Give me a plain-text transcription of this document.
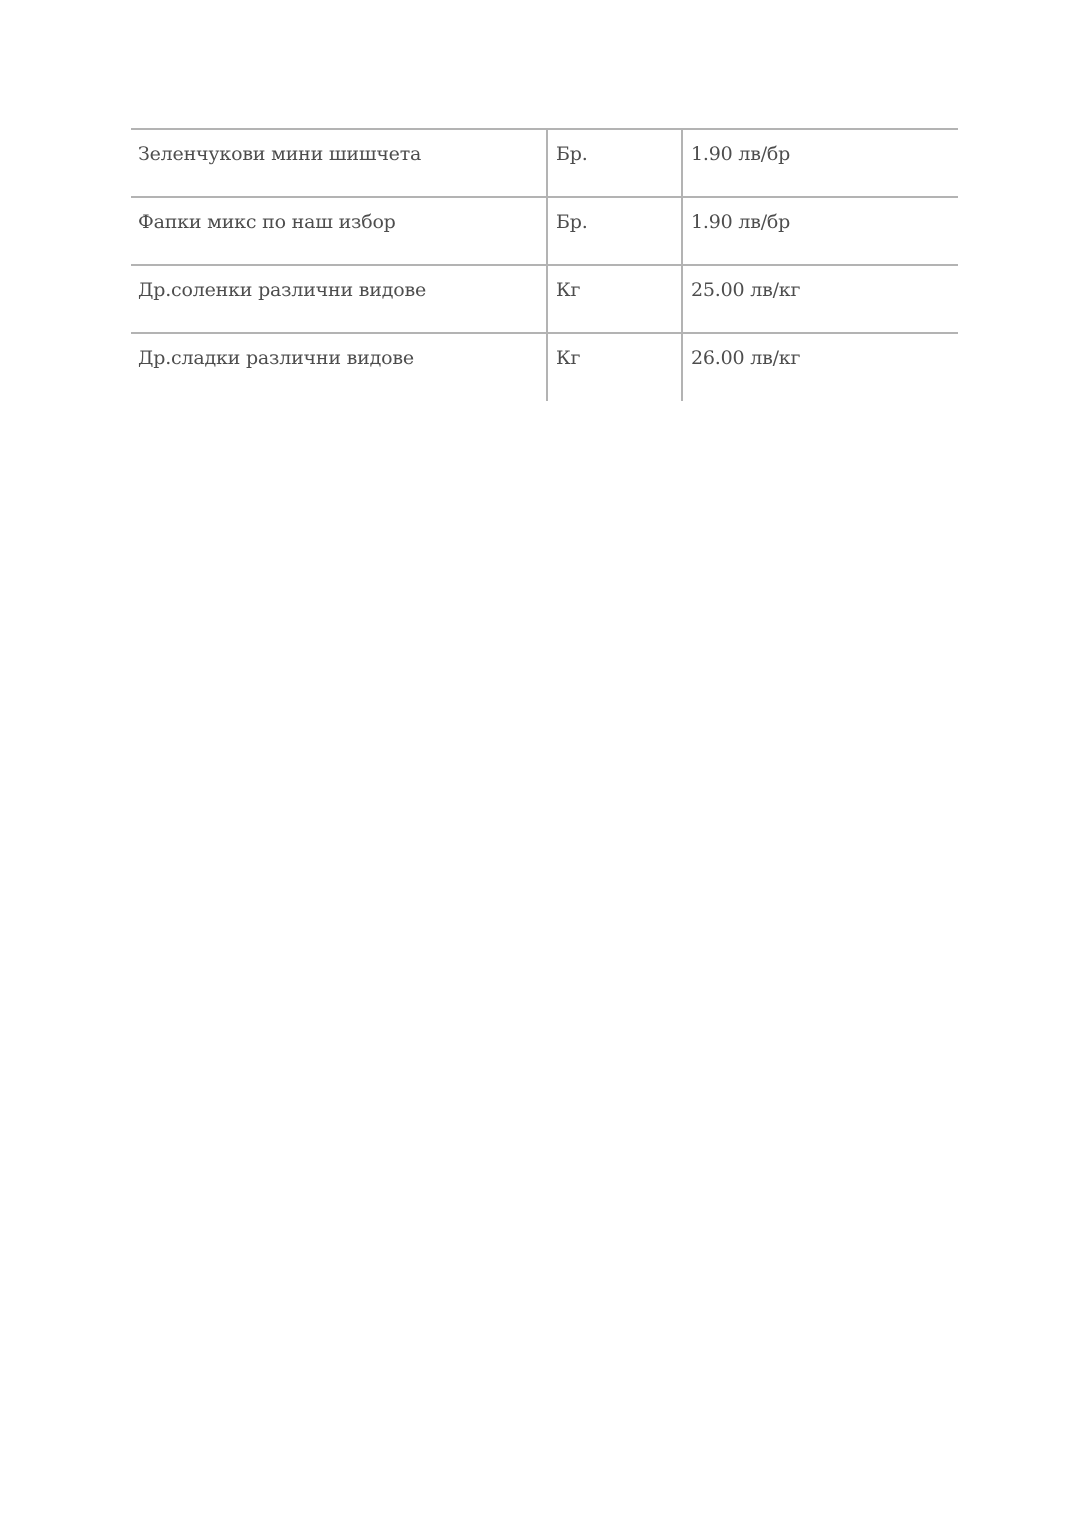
Зеленчукови мини шишчета	Бр.	1.90 лв/бр
Фапки микс по наш избор	Бр.	1.90 лв/бр
Др.соленки различни видове	Кг	25.00 лв/кг
Др.сладки различни видове	Кг	26.00 лв/кг
